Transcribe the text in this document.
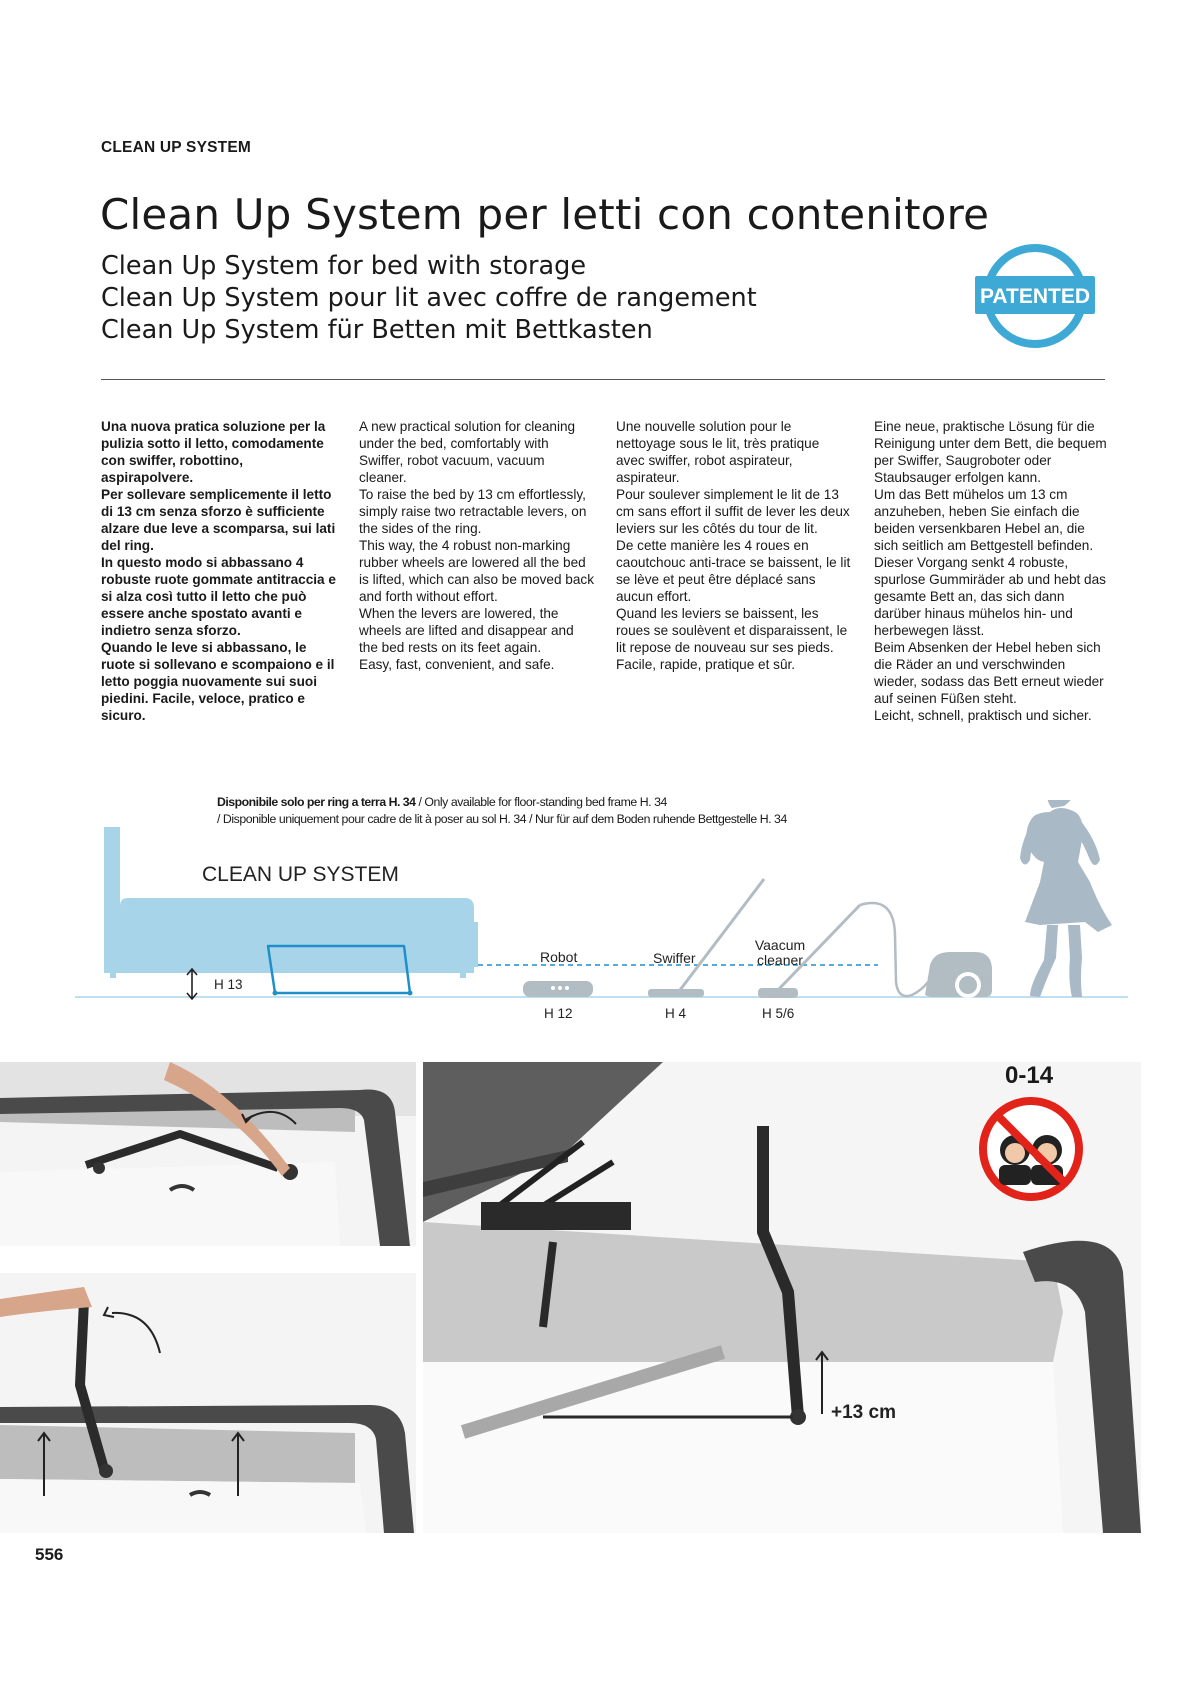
CLEAN UP SYSTEM
Clean Up System per letti con contenitore
Clean Up System for bed with storage
Clean Up System pour lit avec coffre de rangement
Clean Up System für Betten mit Bettkasten
PATENTED

Una nuova pratica soluzione per la pulizia sotto il letto, comodamente con swiffer, robottino, aspirapolvere.

Per sollevare semplicemente il letto di 13 cm senza sforzo è sufficiente alzare due leve a scomparsa, sui lati del ring.

In questo modo si abbassano 4 robuste ruote gommate antitraccia e si alza così tutto il letto che può essere anche spostato avanti e indietro senza sforzo.

Quando le leve si abbassano, le ruote si sollevano e scompaiono e il letto poggia nuovamente sui suoi piedini. Facile, veloce, pratico e sicuro.

A new practical solution for cleaning under the bed, comfortably with Swiffer, robot vacuum, vacuum cleaner.

To raise the bed by 13 cm effortlessly, simply raise two retractable levers, on the sides of the ring.

This way, the 4 robust non-marking rubber wheels are lowered all the bed is lifted, which can also be moved back and forth without effort.

When the levers are lowered, the wheels are lifted and disappear and the bed rests on its feet again.

Easy, fast, convenient, and safe.

Une nouvelle solution pour le nettoyage sous le lit, très pratique avec swiffer, robot aspirateur, aspirateur.

Pour soulever simplement le lit de 13 cm sans effort il suffit de lever les deux leviers sur les côtés du tour de lit.

De cette manière les 4 roues en caoutchouc anti-trace se baissent, le lit se lève et peut être déplacé sans aucun effort.

Quand les leviers se baissent, les roues se soulèvent et disparaissent, le lit repose de nouveau sur ses pieds. Facile, rapide, pratique et sûr.

Eine neue, praktische Lösung für die Reinigung unter dem Bett, die bequem per Swiffer, Saugroboter oder Staubsauger erfolgen kann.

Um das Bett mühelos um 13 cm anzuheben, heben Sie einfach die beiden versenkbaren Hebel an, die sich seitlich am Bettgestell befinden. Dieser Vorgang senkt 4 robuste, spurlose Gummiräder ab und hebt das gesamte Bett an, das sich dann darüber hinaus mühelos hin- und herbewegen lässt.

Beim Absenken der Hebel heben sich die Räder an und verschwinden wieder, sodass das Bett erneut wieder auf seinen Füßen steht.

Leicht, schnell, praktisch und sicher.

Disponibile solo per ring a terra H. 34 / Only available for floor-standing bed frame H. 34
/ Disponible uniquement pour cadre de lit à poser au sol H. 34 / Nur für auf dem Boden ruhende Bettgestelle H. 34
CLEAN UP SYSTEM
H 13
Robot
H 12
Swiffer
H 4
Vaacum
cleaner
H 5/6
+13 cm
0-14
556
